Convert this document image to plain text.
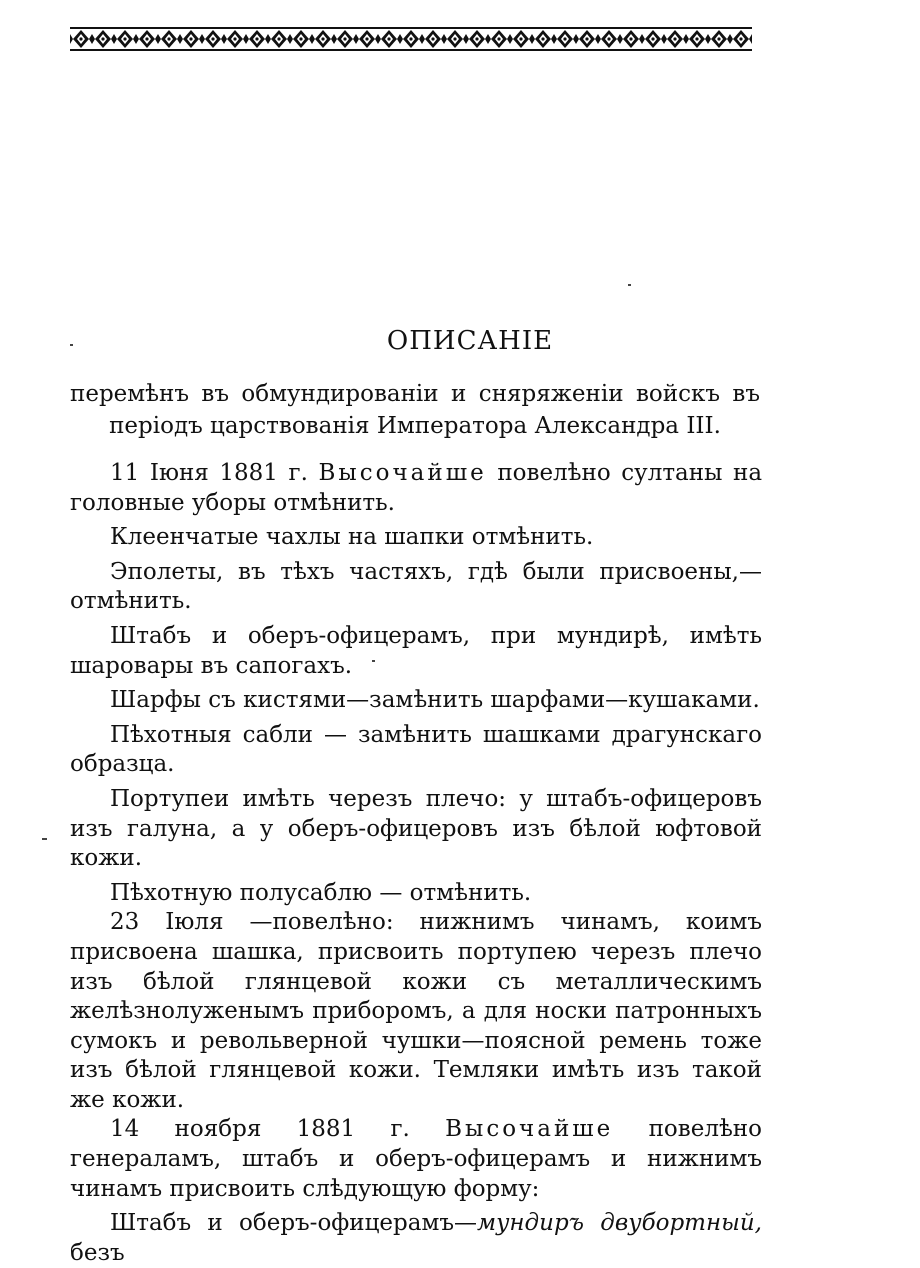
ОПИСАНІЕ
перемѣнъ въ обмундированіи и сняряженіи войскъ въ
періодъ царствованія Императора Александра III.

11 Іюня 1881 г. Высочайше повелѣно султаны на головные уборы отмѣнить.

Клеенчатые чахлы на шапки отмѣнить.

Эполеты, въ тѣхъ частяхъ, гдѣ были присвоены,—отмѣнить.

Штабъ и оберъ-офицерамъ, при мундирѣ, имѣть шаровары въ сапогахъ.

Шарфы съ кистями—замѣнить шарфами—кушаками.

Пѣхотныя сабли — замѣнить шашками драгунскаго образца.

Портупеи имѣть черезъ плечо: у штабъ-офицеровъ изъ галуна, а у оберъ-офицеровъ изъ бѣлой юфтовой кожи.

Пѣхотную полусаблю — отмѣнить.

23 Іюля —повелѣно: нижнимъ чинамъ, коимъ присвоена шашка, присвоить портупею черезъ плечо изъ бѣлой глянцевой кожи съ металлическимъ желѣзнолуженымъ приборомъ, а для носки патронныхъ сумокъ и револьверной чушки—поясной ремень тоже изъ бѣлой глянцевой кожи. Темляки имѣть изъ такой же кожи.

14 ноября 1881 г. Высочайше повелѣно генераламъ, штабъ и оберъ-офицерамъ и нижнимъ чинамъ присвоить слѣдующую форму:

Штабъ и оберъ-офицерамъ—мундиръ двубортный, безъ
